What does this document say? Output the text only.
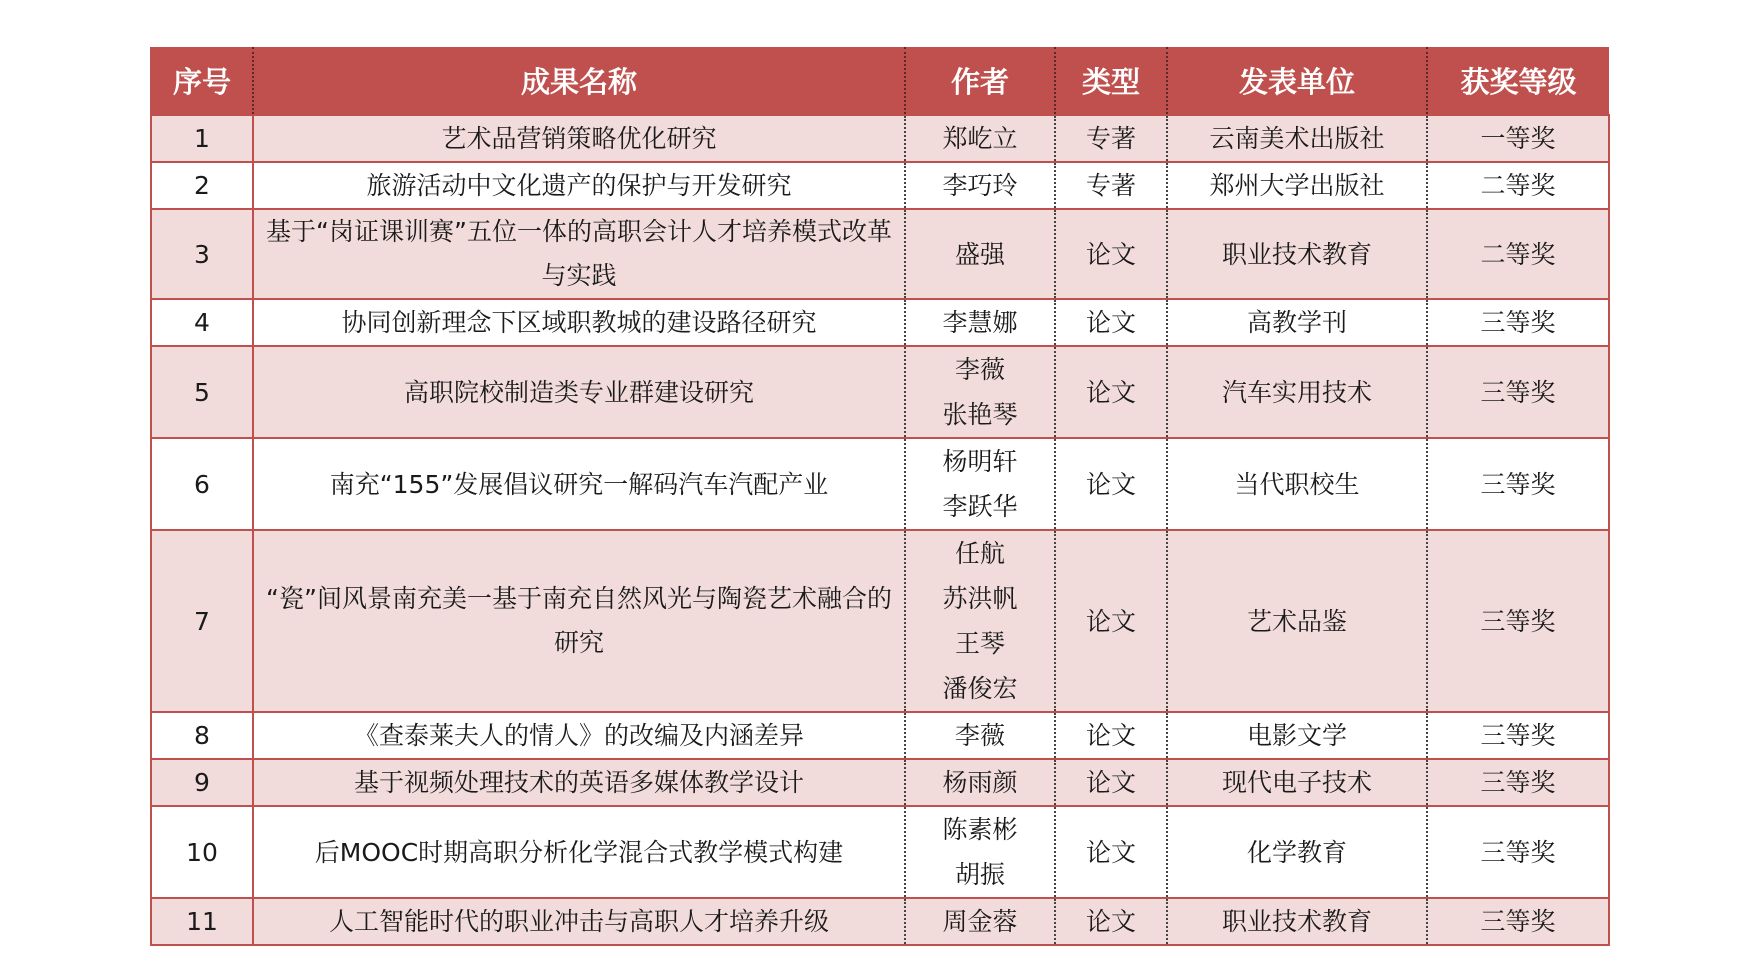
序号	成果名称	作者	类型	发表单位	获奖等级
1	艺术品营销策略优化研究	郑屹立	专著	云南美术出版社	一等奖
2	旅游活动中文化遗产的保护与开发研究	李巧玲	专著	郑州大学出版社	二等奖
3	基于“岗证课训赛”五位一体的高职会计人才培养模式改革与实践	盛强	论文	职业技术教育	二等奖
4	协同创新理念下区域职教城的建设路径研究	李慧娜	论文	高教学刊	三等奖
5	高职院校制造类专业群建设研究	李薇
张艳琴	论文	汽车实用技术	三等奖
6	南充“155”发展倡议研究一解码汽车汽配产业	杨明轩
李跃华	论文	当代职校生	三等奖
7	“瓷”间风景南充美一基于南充自然风光与陶瓷艺术融合的研究	任航
苏洪帆
王琴
潘俊宏	论文	艺术品鉴	三等奖
8	《查泰莱夫人的情人》的改编及内涵差异	李薇	论文	电影文学	三等奖
9	基于视频处理技术的英语多媒体教学设计	杨雨颜	论文	现代电子技术	三等奖
10	后MOOC时期高职分析化学混合式教学模式构建	陈素彬
胡振	论文	化学教育	三等奖
11	人工智能时代的职业冲击与高职人才培养升级	周金蓉	论文	职业技术教育	三等奖
